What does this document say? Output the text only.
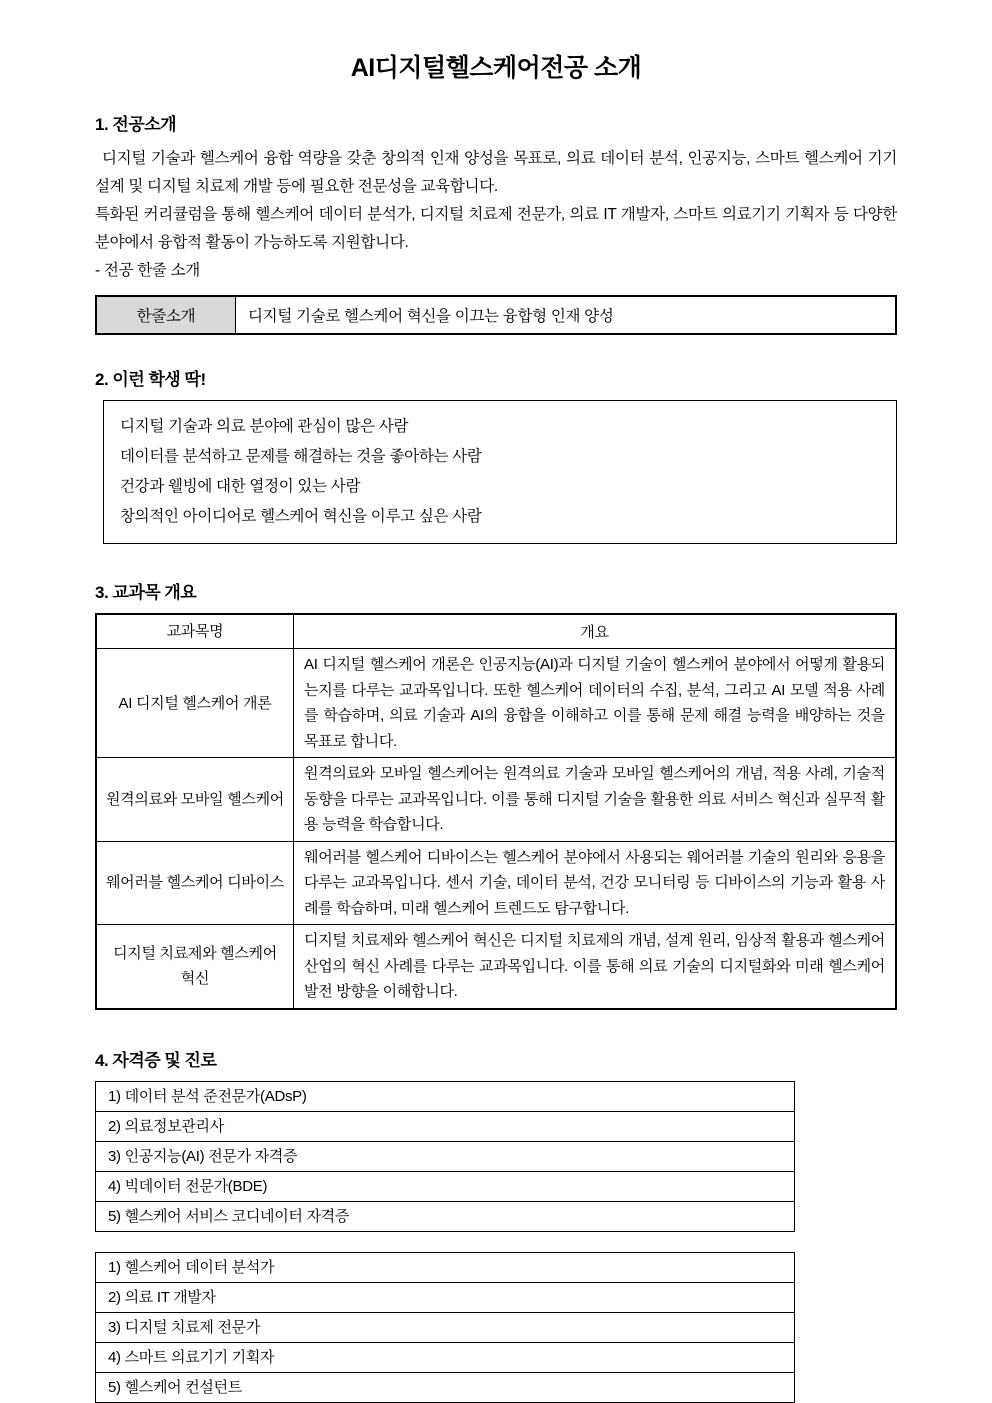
AI디지털헬스케어전공 소개
1. 전공소개

디지털 기술과 헬스케어 융합 역량을 갖춘 창의적 인재 양성을 목표로, 의료 데이터 분석, 인공지능, 스마트 헬스케어 기기 설계 및 디지털 치료제 개발 등에 필요한 전문성을 교육합니다.

특화된 커리큘럼을 통해 헬스케어 데이터 분석가, 디지털 치료제 전문가, 의료 IT 개발자, 스마트 의료기기 기획자 등 다양한 분야에서 융합적 활동이 가능하도록 지원합니다.

- 전공 한줄 소개

한줄소개	디지털 기술로 헬스케어 혁신을 이끄는 융합형 인재 양성
2. 이런 학생 딱!
디지털 기술과 의료 분야에 관심이 많은 사람
데이터를 분석하고 문제를 해결하는 것을 좋아하는 사람
건강과 웰빙에 대한 열정이 있는 사람
창의적인 아이디어로 헬스케어 혁신을 이루고 싶은 사람
3. 교과목 개요
교과목명	개요
AI 디지털 헬스케어 개론	AI 디지털 헬스케어 개론은 인공지능(AI)과 디지털 기술이 헬스케어 분야에서 어떻게 활용되는지를 다루는 교과목입니다. 또한 헬스케어 데이터의 수집, 분석, 그리고 AI 모델 적용 사례를 학습하며, 의료 기술과 AI의 융합을 이해하고 이를 통해 문제 해결 능력을 배양하는 것을 목표로 합니다.
원격의료와 모바일 헬스케어	원격의료와 모바일 헬스케어는 원격의료 기술과 모바일 헬스케어의 개념, 적용 사례, 기술적 동향을 다루는 교과목입니다. 이를 통해 디지털 기술을 활용한 의료 서비스 혁신과 실무적 활용 능력을 학습합니다.
웨어러블 헬스케어 디바이스	웨어러블 헬스케어 디바이스는 헬스케어 분야에서 사용되는 웨어러블 기술의 원리와 응용을 다루는 교과목입니다. 센서 기술, 데이터 분석, 건강 모니터링 등 디바이스의 기능과 활용 사례를 학습하며, 미래 헬스케어 트렌드도 탐구합니다.
디지털 치료제와 헬스케어 혁신	디지털 치료제와 헬스케어 혁신은 디지털 치료제의 개념, 설계 원리, 임상적 활용과 헬스케어 산업의 혁신 사례를 다루는 교과목입니다. 이를 통해 의료 기술의 디지털화와 미래 헬스케어 발전 방향을 이해합니다.
4. 자격증 및 진로
1) 데이터 분석 준전문가(ADsP)
2) 의료정보관리사
3) 인공지능(AI) 전문가 자격증
4) 빅데이터 전문가(BDE)
5) 헬스케어 서비스 코디네이터 자격증
1) 헬스케어 데이터 분석가
2) 의료 IT 개발자
3) 디지털 치료제 전문가
4) 스마트 의료기기 기획자
5) 헬스케어 컨설턴트
